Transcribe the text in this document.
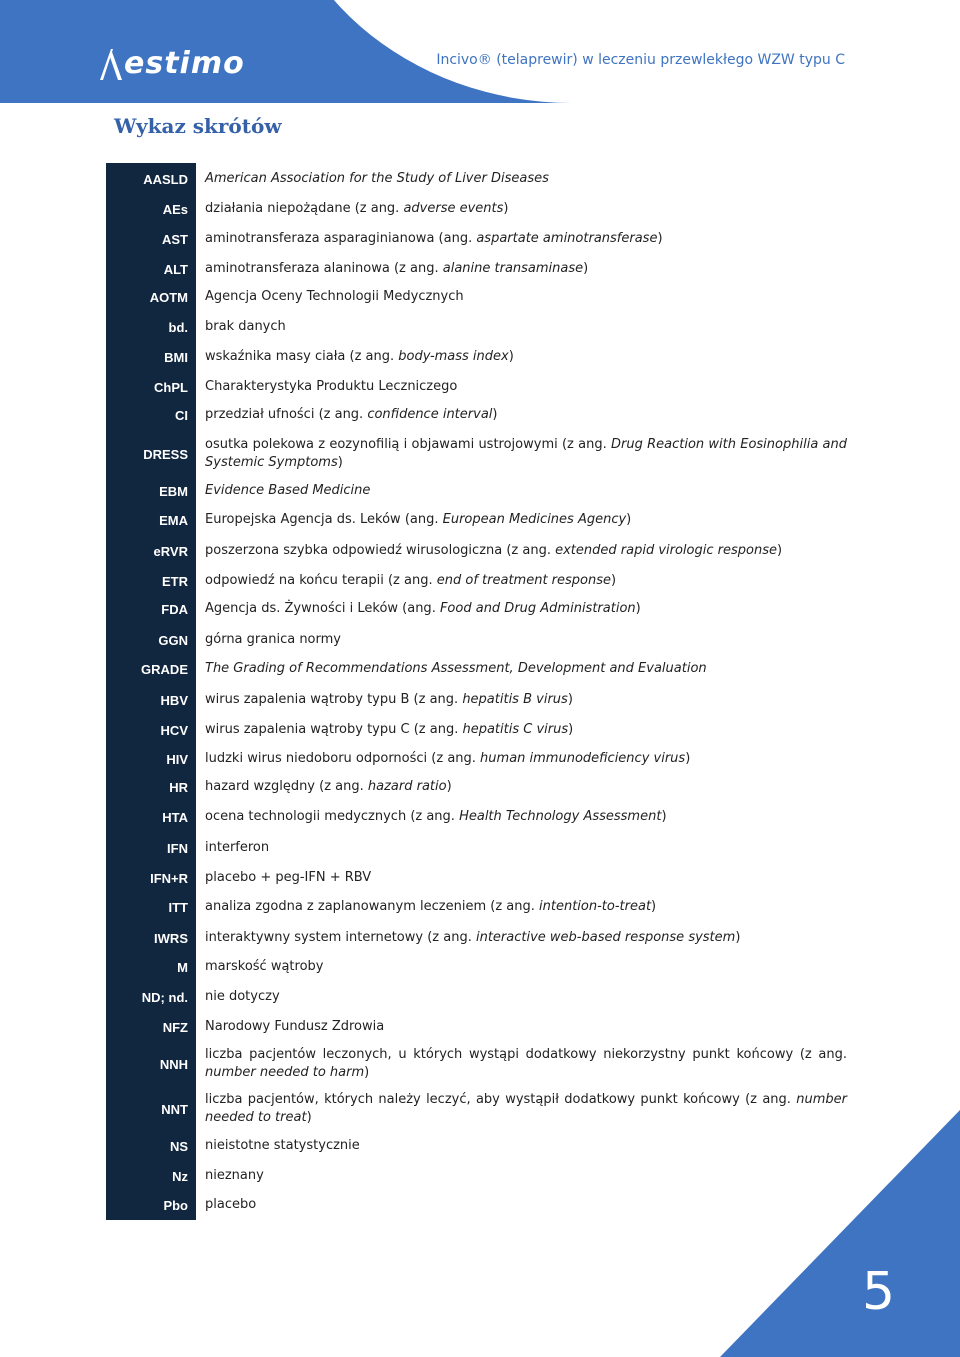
estimo	Incivo® (telaprewir) w leczeniu przewlekłego WZW typu C
Wykaz skrótów
AASLD American Association for the Study of Liver Diseases
AEs działania niepożądane (z ang. adverse events)
AST aminotransferaza asparaginianowa (ang. aspartate aminotransferase)
ALT aminotransferaza alaninowa (z ang. alanine transaminase)
AOTM Agencja Oceny Technologii Medycznych
bd. brak danych
BMI wskaźnika masy ciała (z ang. body-mass index)
ChPL Charakterystyka Produktu Leczniczego
CI przedział ufności (z ang. confidence interval)
DRESS
osutka polekowa z eozynofilią i objawami ustrojowymi (z ang. Drug Reaction with Eosinophilia and Systemic Symptoms)
EBM Evidence Based Medicine
EMA Europejska Agencja ds. Leków (ang. European Medicines Agency)
eRVR poszerzona szybka odpowiedź wirusologiczna (z ang. extended rapid virologic response)
ETR odpowiedź na końcu terapii (z ang. end of treatment response)
FDA Agencja ds. Żywności i Leków (ang. Food and Drug Administration)
GGN górna granica normy
GRADE The Grading of Recommendations Assessment, Development and Evaluation
HBV wirus zapalenia wątroby typu B (z ang. hepatitis B virus)
HCV wirus zapalenia wątroby typu C (z ang. hepatitis C virus)
HIV ludzki wirus niedoboru odporności (z ang. human immunodeficiency virus)
HR hazard względny (z ang. hazard ratio)
HTA ocena technologii medycznych (z ang. Health Technology Assessment)
IFN interferon
IFN+R placebo + peg-IFN + RBV
ITT analiza zgodna z zaplanowanym leczeniem (z ang. intention-to-treat)
IWRS interaktywny system internetowy (z ang. interactive web-based response system)
M marskość wątroby
ND; nd. nie dotyczy
NFZ Narodowy Fundusz Zdrowia
NNH
liczba pacjentów leczonych, u których wystąpi dodatkowy niekorzystny punkt końcowy (z ang. number needed to harm)
NNT
liczba pacjentów, których należy leczyć, aby wystąpił dodatkowy punkt końcowy (z ang. number needed to treat)
NS nieistotne statystycznie
Nz nieznany
Pbo placebo
5
